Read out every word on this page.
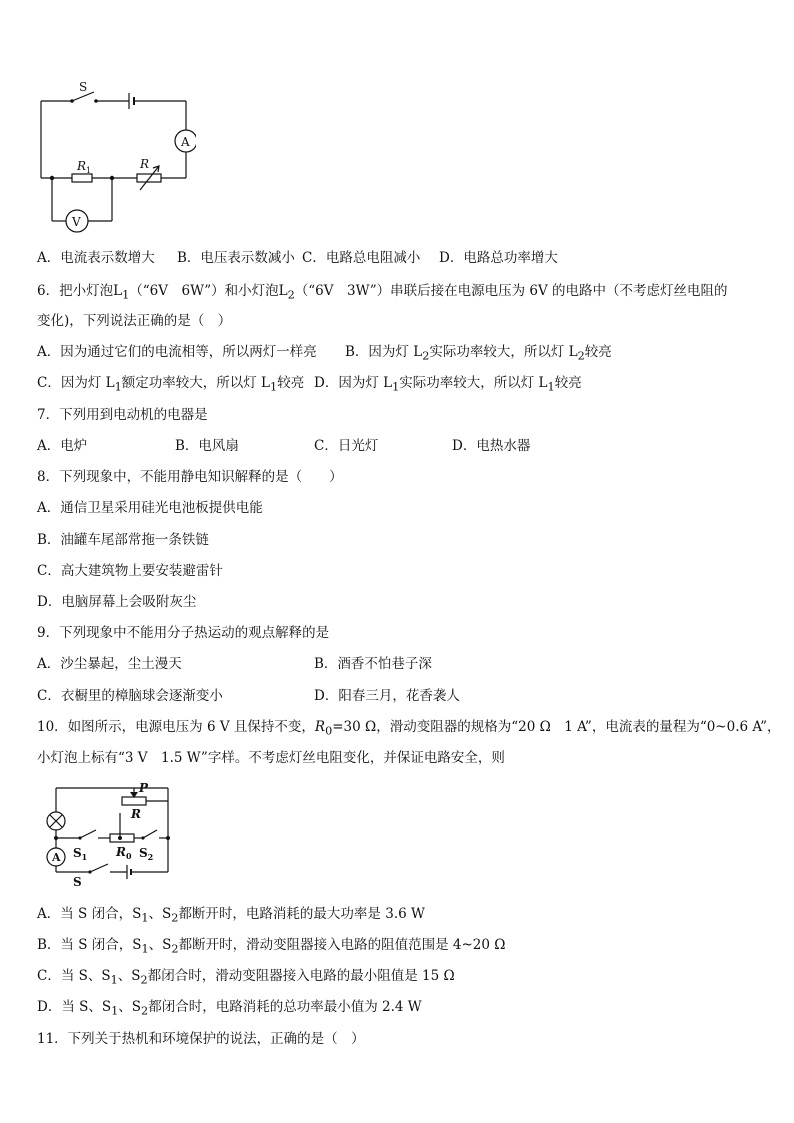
S
A
$R_1$	R
V
A．电流表示数增大 B．电压表示数减小 C．电路总电阻减小 D．电路总功率增大
6．把小灯泡$L_1(“6V$　6W”）和小灯泡$L_2(“6V$　3W”）串联后接在电源电压为 6V 的电路中（不考虑灯丝电阻的
变化)，下列说法正确的是（　）
A．因为通过它们的电流相等，所以两灯一样亮 B．因为灯 $L_2$实际功率较大，所以灯 $L_2$较亮
C．因为灯 $L_1$额定功率较大，所以灯 $L_1$较亮 D．因为灯 $L_1$实际功率较大，所以灯 $L_1$较亮
7．下列用到电动机的电器是
A．电炉	B．电风扇	C．日光灯	D．电热水器
8．下列现象中，不能用静电知识解释的是（　　）
A．通信卫星采用硅光电池板提供电能
B．油罐车尾部常拖一条铁链
C．高大建筑物上要安装避雷针
D．电脑屏幕上会吸附灰尘
9．下列现象中不能用分子热运动的观点解释的是
A．沙尘暴起，尘土漫天	B．酒香不怕巷子深
C．衣橱里的樟脑球会逐渐变小	D．阳春三月，花香袭人
10．如图所示，电源电压为 6 V 且保持不变，$R_0=30$ Ω，滑动变阻器的规格为“20 Ω　1 A”，电流表的量程为“0~0.6 A”，
小灯泡上标有“3 V　1.5 W”字样。不考虑灯丝电阻变化，并保证电路安全，则
P
R
A $S_1$ $R_0$ $S_2$
S
A．当 S 闭合，$S_1$、$S_2$都断开时，电路消耗的最大功率是 3.6 W
B．当 S 闭合，$S_1$、$S_2$都断开时，滑动变阻器接入电路的阻值范围是 4~20 Ω
C．当 S、$S_1$、$S_2$都闭合时，滑动变阻器接入电路的最小阻值是 15 Ω
D．当 S、$S_1$、$S_2$都闭合时，电路消耗的总功率最小值为 2.4 W
11．下列关于热机和环境保护的说法，正确的是（　）
